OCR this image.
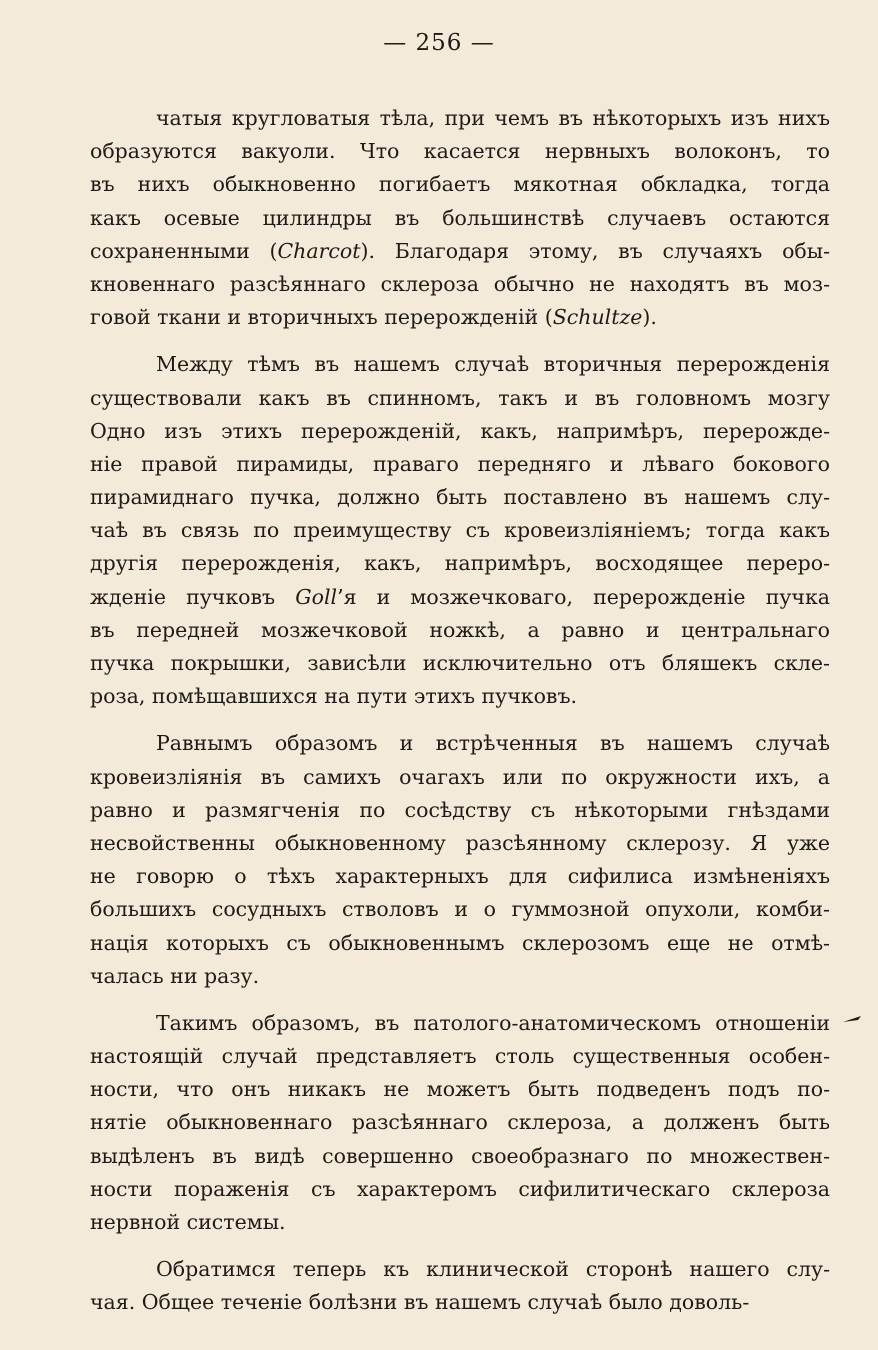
— 256 —
чатыя кругловатыя тѣла, при чемъ въ нѣкоторыхъ изъ нихъ
образуются вакуоли. Что касается нервныхъ волоконъ, то
въ нихъ обыкновенно погибаетъ мякотная обкладка, тогда
какъ осевые цилиндры въ большинствѣ случаевъ остаются
сохраненными (Charcot). Благодаря этому, въ случаяхъ обы-
кновеннаго разсѣяннаго склероза обычно не находятъ въ моз-
говой ткани и вторичныхъ перерожденій (Schultze).
Между тѣмъ въ нашемъ случаѣ вторичныя перерожденія
существовали какъ въ спинномъ, такъ и въ головномъ мозгу
Одно изъ этихъ перерожденій, какъ, напримѣръ, перерожде-
ніе правой пирамиды, праваго передняго и лѣваго бокового
пирамиднаго пучка, должно быть поставлено въ нашемъ слу-
чаѣ въ связь по преимуществу съ кровеизліяніемъ; тогда какъ
другія перерожденія, какъ, напримѣръ, восходящее переро-
жденіе пучковъ Goll’я и мозжечковаго, перерожденіе пучка
въ передней мозжечковой ножкѣ, а равно и центральнаго
пучка покрышки, зависѣли исключительно отъ бляшекъ скле-
роза, помѣщавшихся на пути этихъ пучковъ.
Равнымъ образомъ и встрѣченныя въ нашемъ случаѣ
кровеизліянія въ самихъ очагахъ или по окружности ихъ, а
равно и размягченія по сосѣдству съ нѣкоторыми гнѣздами
несвойственны обыкновенному разсѣянному склерозу. Я уже
не говорю о тѣхъ характерныхъ для сифилиса измѣненіяхъ
большихъ сосудныхъ стволовъ и о гуммозной опухоли, комби-
нація которыхъ съ обыкновеннымъ склерозомъ еще не отмѣ-
чалась ни разу.
Такимъ образомъ, въ патолого-анатомическомъ отношеніи
настоящій случай представляетъ столь существенныя особен-
ности, что онъ никакъ не можетъ быть подведенъ подъ по-
нятіе обыкновеннаго разсѣяннаго склероза, а долженъ быть
выдѣленъ въ видѣ совершенно своеобразнаго по множествен-
ности пораженія съ характеромъ сифилитическаго склероза
нервной системы.
Обратимся теперь къ клинической сторонѣ нашего слу-
чая. Общее теченіе болѣзни въ нашемъ случаѣ было доволь-
